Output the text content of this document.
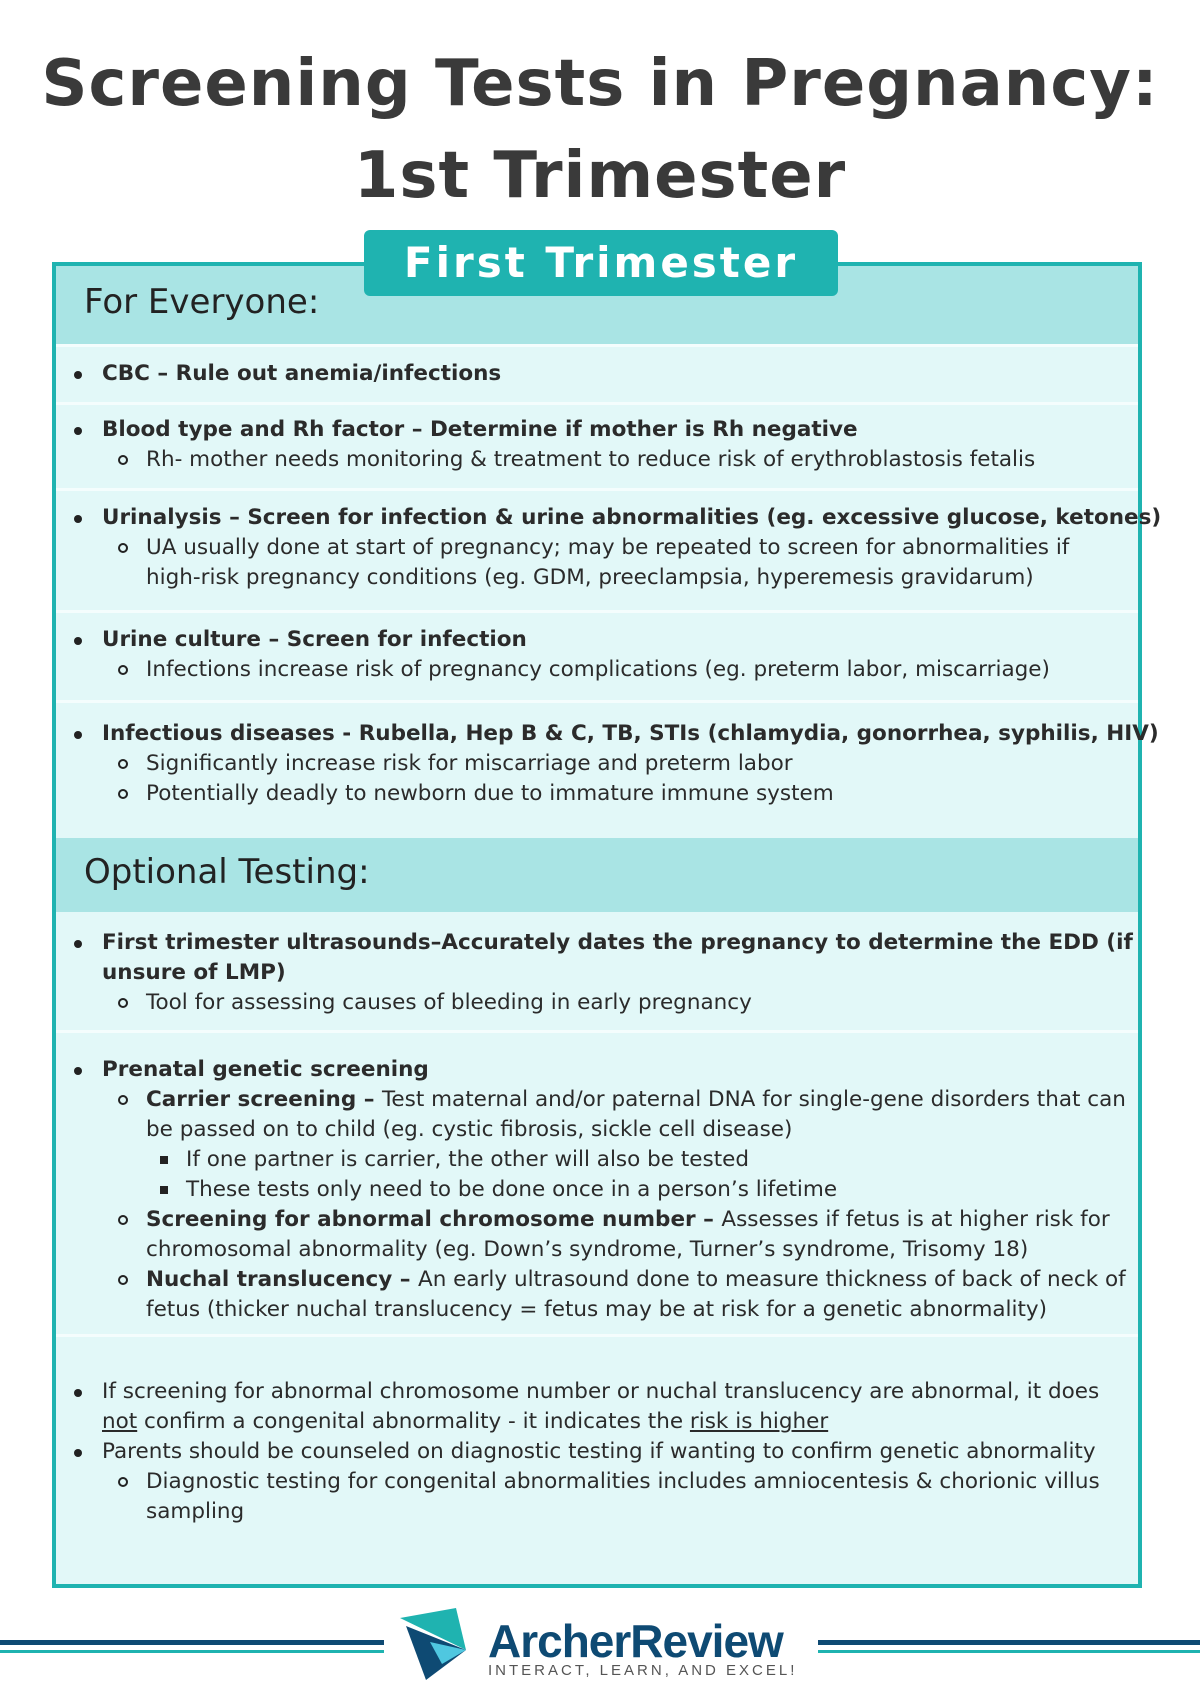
Screening Tests in Pregnancy:
1st Trimester
First Trimester
For Everyone:
CBC – Rule out anemia/infections
Blood type and Rh factor – Determine if mother is Rh negative
Rh- mother needs monitoring & treatment to reduce risk of erythroblastosis fetalis
Urinalysis – Screen for infection & urine abnormalities (eg. excessive glucose, ketones)
UA usually done at start of pregnancy; may be repeated to screen for abnormalities if
high-risk pregnancy conditions (eg. GDM, preeclampsia, hyperemesis gravidarum)
Urine culture – Screen for infection
Infections increase risk of pregnancy complications (eg. preterm labor, miscarriage)
Infectious diseases - Rubella, Hep B & C, TB, STIs (chlamydia, gonorrhea, syphilis, HIV)
Significantly increase risk for miscarriage and preterm labor
Potentially deadly to newborn due to immature immune system
Optional Testing:
First trimester ultrasounds–Accurately dates the pregnancy to determine the EDD (if
unsure of LMP)
Tool for assessing causes of bleeding in early pregnancy
Prenatal genetic screening
Carrier screening – Test maternal and/or paternal DNA for single-gene disorders that can
be passed on to child (eg. cystic fibrosis, sickle cell disease)
If one partner is carrier, the other will also be tested
These tests only need to be done once in a person’s lifetime
Screening for abnormal chromosome number – Assesses if fetus is at higher risk for
chromosomal abnormality (eg. Down’s syndrome, Turner’s syndrome, Trisomy 18)
Nuchal translucency – An early ultrasound done to measure thickness of back of neck of
fetus (thicker nuchal translucency = fetus may be at risk for a genetic abnormality)
If screening for abnormal chromosome number or nuchal translucency are abnormal, it does
not confirm a congenital abnormality - it indicates the risk is higher
Parents should be counseled on diagnostic testing if wanting to confirm genetic abnormality
Diagnostic testing for congenital abnormalities includes amniocentesis & chorionic villus
sampling
ArcherReview
INTERACT, LEARN, AND EXCEL!
